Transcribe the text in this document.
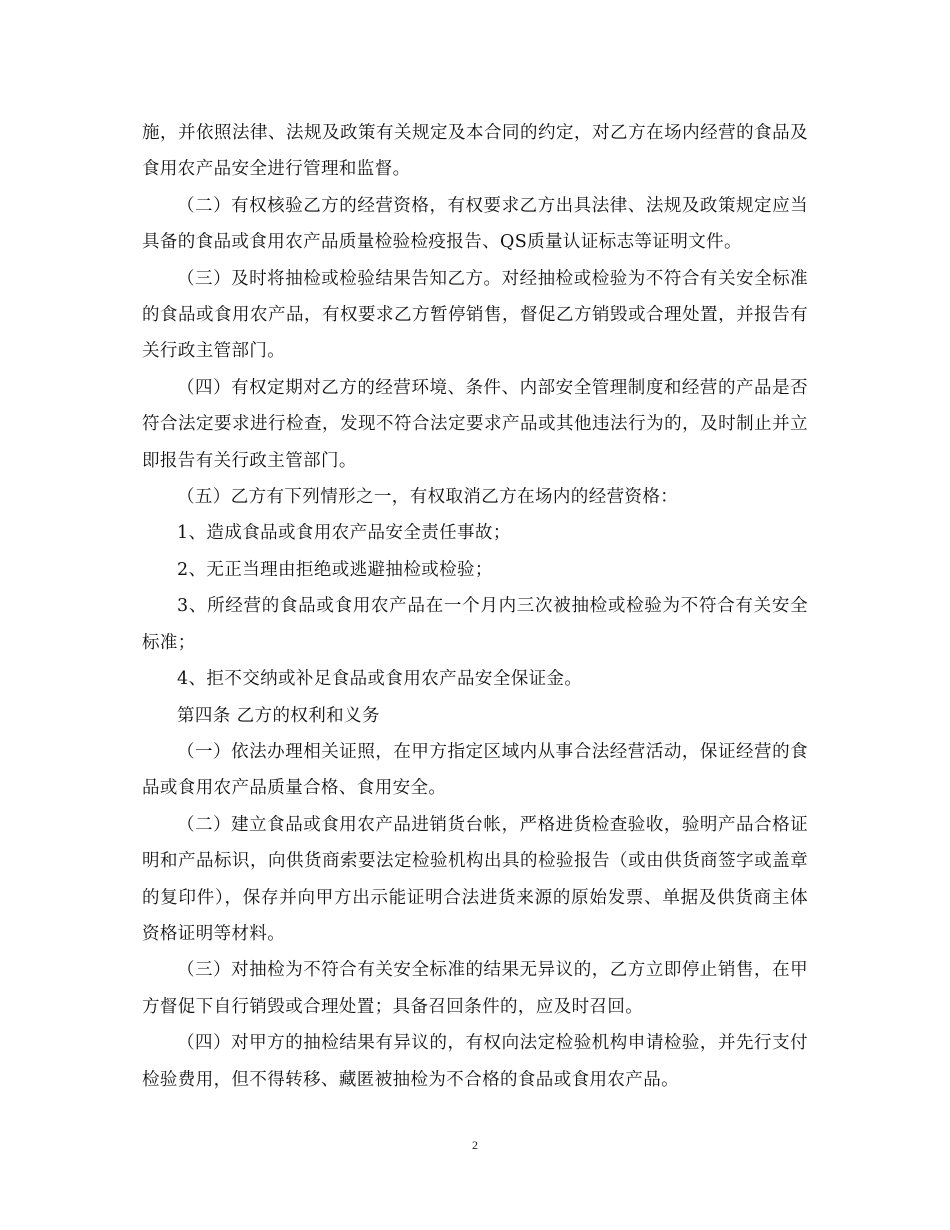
施，并依照法律、法规及政策有关规定及本合同的约定，对乙方在场内经营的食品及食用农产品安全进行管理和监督。

（二）有权核验乙方的经营资格，有权要求乙方出具法律、法规及政策规定应当具备的食品或食用农产品质量检验检疫报告、QS质量认证标志等证明文件。

（三）及时将抽检或检验结果告知乙方。对经抽检或检验为不符合有关安全标准的食品或食用农产品，有权要求乙方暂停销售，督促乙方销毁或合理处置，并报告有关行政主管部门。

（四）有权定期对乙方的经营环境、条件、内部安全管理制度和经营的产品是否符合法定要求进行检查，发现不符合法定要求产品或其他违法行为的，及时制止并立即报告有关行政主管部门。

（五）乙方有下列情形之一，有权取消乙方在场内的经营资格：

1、造成食品或食用农产品安全责任事故；

2、无正当理由拒绝或逃避抽检或检验；

3、所经营的食品或食用农产品在一个月内三次被抽检或检验为不符合有关安全标准；

4、拒不交纳或补足食品或食用农产品安全保证金。

第四条 乙方的权利和义务

（一）依法办理相关证照，在甲方指定区域内从事合法经营活动，保证经营的食品或食用农产品质量合格、食用安全。

（二）建立食品或食用农产品进销货台帐，严格进货检查验收，验明产品合格证明和产品标识，向供货商索要法定检验机构出具的检验报告（或由供货商签字或盖章的复印件），保存并向甲方出示能证明合法进货来源的原始发票、单据及供货商主体资格证明等材料。

（三）对抽检为不符合有关安全标准的结果无异议的，乙方立即停止销售，在甲方督促下自行销毁或合理处置；具备召回条件的，应及时召回。

（四）对甲方的抽检结果有异议的，有权向法定检验机构申请检验，并先行支付检验费用，但不得转移、藏匿被抽检为不合格的食品或食用农产品。

2
